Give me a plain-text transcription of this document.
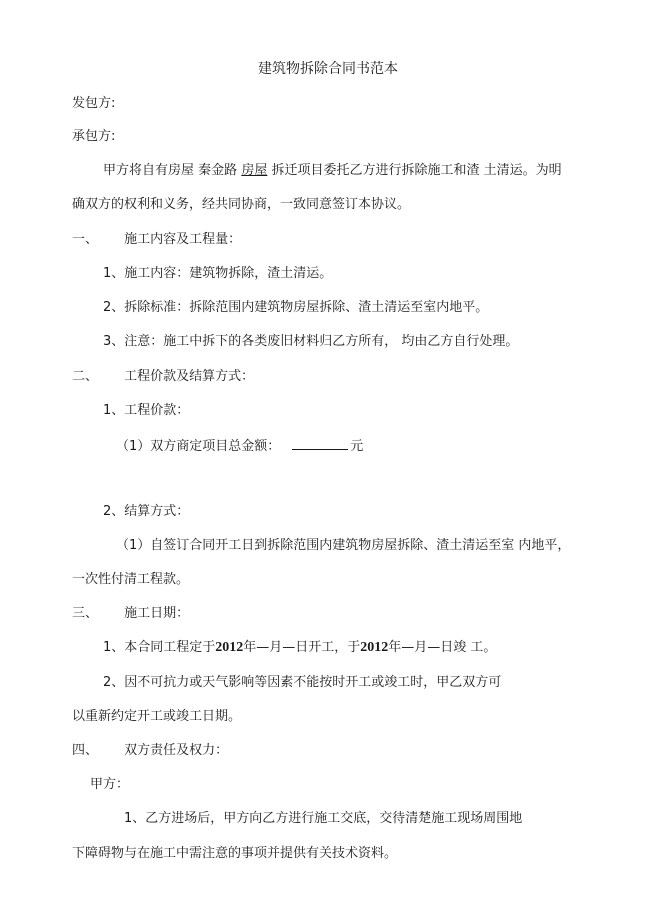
建筑物拆除合同书范本
发包方:
承包方:
甲方将自有房屋 秦金路 房屋 拆迁项目委托乙方进行拆除施工和渣 土清运。为明
确双方的权利和义务，经共同协商，一致同意签订本协议。
一、 施工内容及工程量：
1、施工内容：建筑物拆除，渣土清运。
2、拆除标准：拆除范围内建筑物房屋拆除、渣土清运至室内地平。
3、注意：施工中拆下的各类废旧材料归乙方所有， 均由乙方自行处理。
二、 工程价款及结算方式：
1、工程价款：
（1）双方商定项目总金额：	元
2、结算方式：
（1）自签订合同开工日到拆除范围内建筑物房屋拆除、渣土清运至室 内地平，
一次性付清工程款。
三、 施工日期：
1、本合同工程定于2012年—月—日开工，于2012年—月—日竣 工。
2、因不可抗力或天气影响等因素不能按时开工或竣工时，甲乙双方可
以重新约定开工或竣工日期。
四、 双方责任及权力：
甲方：
1、乙方进场后，甲方向乙方进行施工交底，交待清楚施工现场周围地
下障碍物与在施工中需注意的事项并提供有关技术资料。
